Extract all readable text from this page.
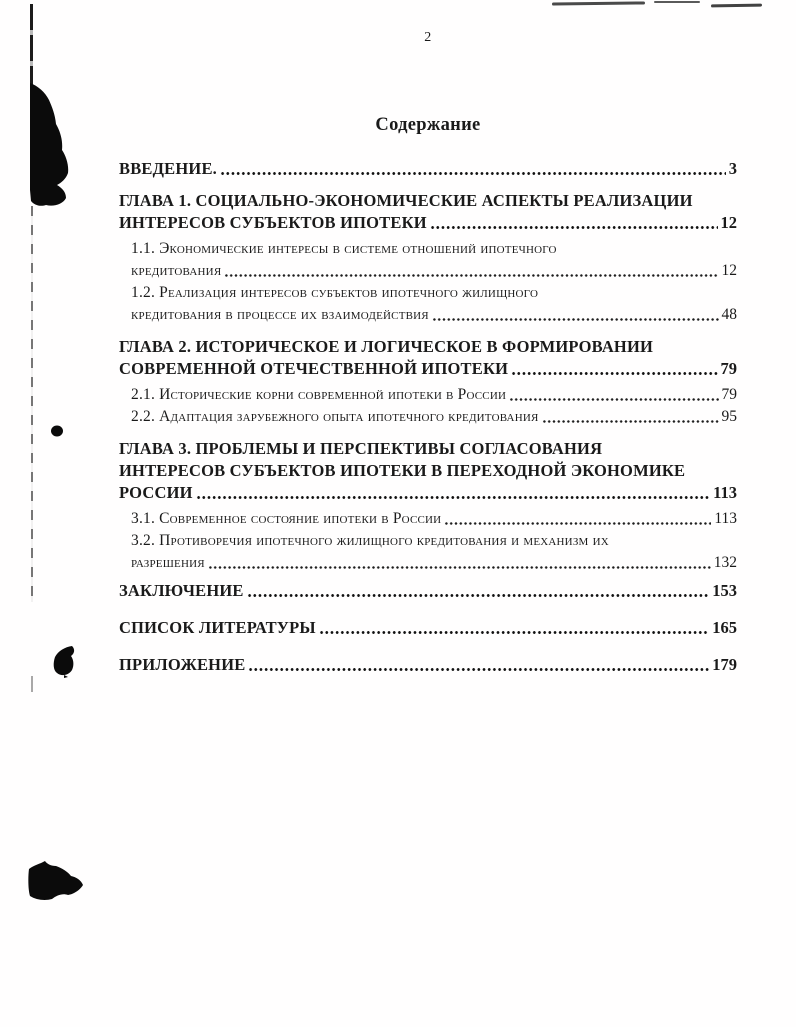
2
Содержание
ВВЕДЕНИЕ.	3
ГЛАВА 1. СОЦИАЛЬНО-ЭКОНОМИЧЕСКИЕ АСПЕКТЫ РЕАЛИЗАЦИИ
ИНТЕРЕСОВ СУБЪЕКТОВ ИПОТЕКИ	12
1.1. Экономические интересы в системе отношений ипотечного
кредитования	12
1.2. Реализация интересов субъектов ипотечного жилищного
кредитования в процессе их взаимодействия	48
ГЛАВА 2. ИСТОРИЧЕСКОЕ И ЛОГИЧЕСКОЕ В ФОРМИРОВАНИИ
СОВРЕМЕННОЙ ОТЕЧЕСТВЕННОЙ ИПОТЕКИ	79
2.1. Исторические корни современной ипотеки в России	79
2.2. Адаптация зарубежного опыта ипотечного кредитования	95
ГЛАВА 3. ПРОБЛЕМЫ И ПЕРСПЕКТИВЫ СОГЛАСОВАНИЯ
ИНТЕРЕСОВ СУБЪЕКТОВ ИПОТЕКИ В ПЕРЕХОДНОЙ ЭКОНОМИКЕ
РОССИИ	113
3.1. Современное состояние ипотеки в России	113
3.2. Противоречия ипотечного жилищного кредитования и механизм их
разрешения	132
ЗАКЛЮЧЕНИЕ	153
СПИСОК ЛИТЕРАТУРЫ	165
ПРИЛОЖЕНИЕ	179
